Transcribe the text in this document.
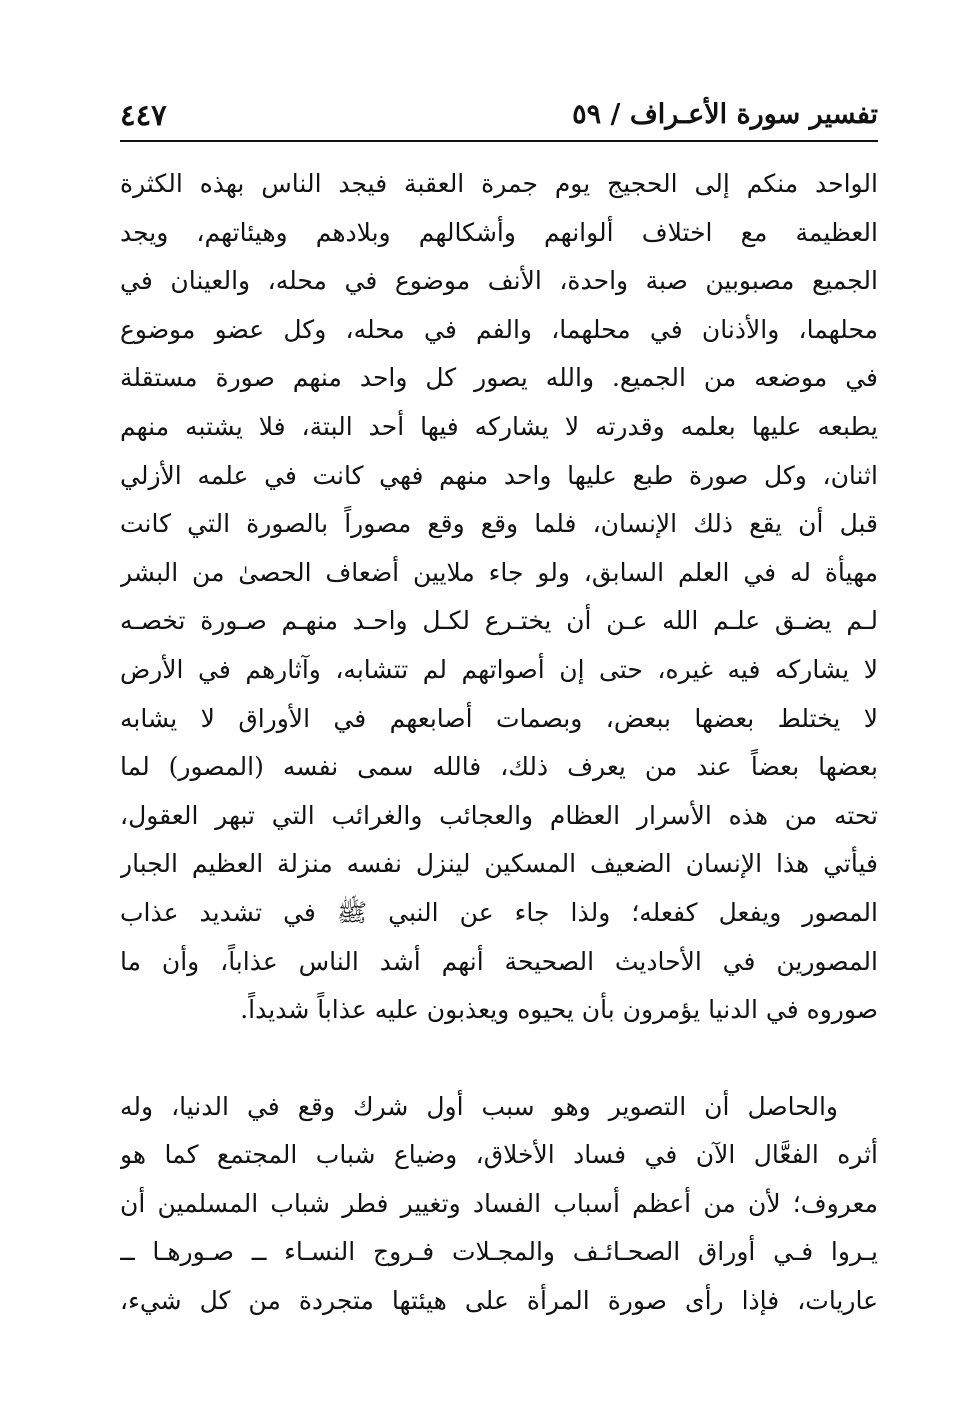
تفسير سورة الأعـراف / ٥٩
٤٤٧
الواحد منكم إلى الحجيج يوم جمرة العقبة فيجد الناس بهذه الكثرة
العظيمة مع اختلاف ألوانهم وأشكالهم وبلادهم وهيئاتهم، ويجد
الجميع مصبوبين صبة واحدة، الأنف موضوع في محله، والعينان في
محلهما، والأذنان في محلهما، والفم في محله، وكل عضو موضوع
في موضعه من الجميع. والله يصور كل واحد منهم صورة مستقلة
يطبعه عليها بعلمه وقدرته لا يشاركه فيها أحد البتة، فلا يشتبه منهم
اثنان، وكل صورة طبع عليها واحد منهم فهي كانت في علمه الأزلي
قبل أن يقع ذلك الإنسان، فلما وقع وقع مصوراً بالصورة التي كانت
مهيأة له في العلم السابق، ولو جاء ملايين أضعاف الحصىٰ من البشر
لـم يضـق علـم الله عـن أن يختـرع لكـل واحـد منهـم صـورة تخصـه
لا يشاركه فيه غيره، حتى إن أصواتهم لم تتشابه، وآثارهم في الأرض
لا يختلط بعضها ببعض، وبصمات أصابعهم في الأوراق لا يشابه
بعضها بعضاً عند من يعرف ذلك، فالله سمى نفسه (المصور) لما
تحته من هذه الأسرار العظام والعجائب والغرائب التي تبهر العقول،
فيأتي هذا الإنسان الضعيف المسكين لينزل نفسه منزلة العظيم الجبار
المصور ويفعل كفعله؛ ولذا جاء عن النبي ﷺ في تشديد عذاب
المصورين في الأحاديث الصحيحة أنهم أشد الناس عذاباً، وأن ما
صوروه في الدنيا يؤمرون بأن يحيوه ويعذبون عليه عذاباً شديداً.
والحاصل أن التصوير وهو سبب أول شرك وقع في الدنيا، وله
أثره الفعَّال الآن في فساد الأخلاق، وضياع شباب المجتمع كما هو
معروف؛ لأن من أعظم أسباب الفساد وتغيير فطر شباب المسلمين أن
يـروا فـي أوراق الصحـائـف والمجـلات فـروج النسـاء ــ صـورهـا ــ
عاريات، فإذا رأى صورة المرأة على هيئتها متجردة من كل شيء،
